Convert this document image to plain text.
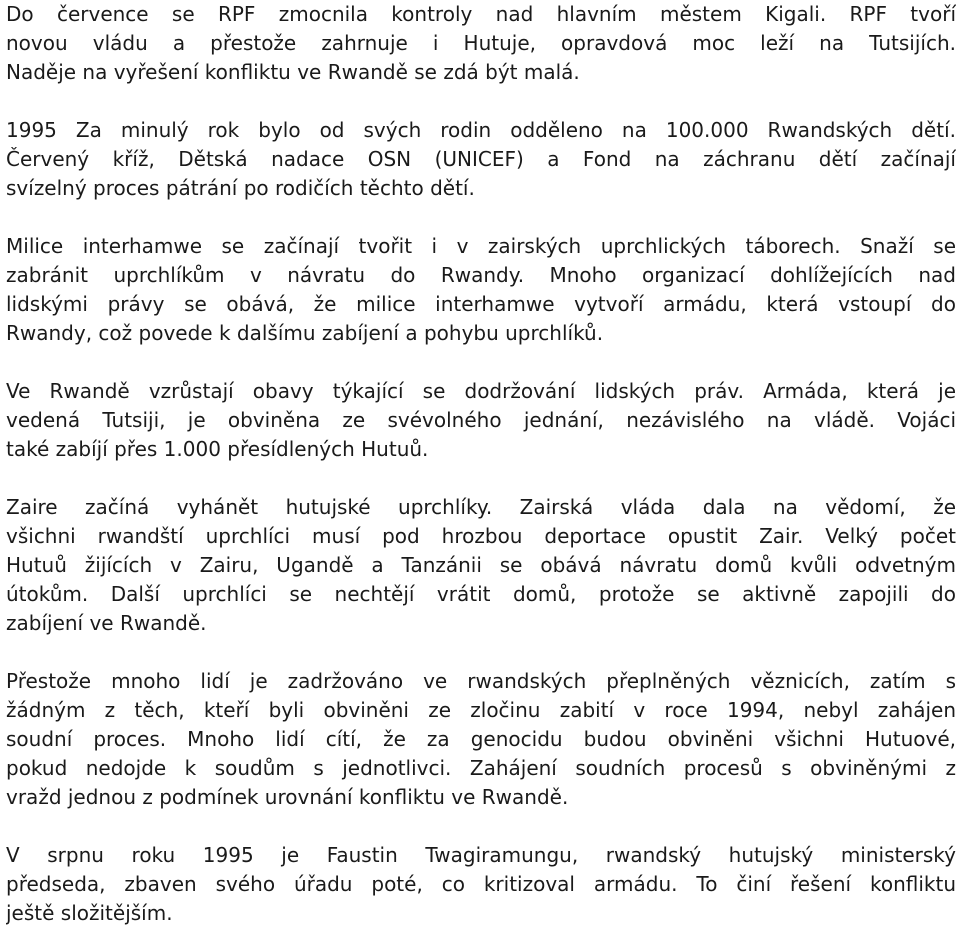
Do července se RPF zmocnila kontroly nad hlavním městem Kigali. RPF tvoří
novou vládu a přestože zahrnuje i Hutuje, opravdová moc leží na Tutsijích.
Naděje na vyřešení konfliktu ve Rwandě se zdá být malá.

1995 Za minulý rok bylo od svých rodin odděleno na 100.000 Rwandských dětí.
Červený kříž, Dětská nadace OSN (UNICEF) a Fond na záchranu dětí začínají
svízelný proces pátrání po rodičích těchto dětí.

Milice interhamwe se začínají tvořit i v zairských uprchlických táborech. Snaží se
zabránit uprchlíkům v návratu do Rwandy. Mnoho organizací dohlížejících nad
lidskými právy se obává, že milice interhamwe vytvoří armádu, která vstoupí do
Rwandy, což povede k dalšímu zabíjení a pohybu uprchlíků.

Ve Rwandě vzrůstají obavy týkající se dodržování lidských práv. Armáda, která je
vedená Tutsiji, je obviněna ze svévolného jednání, nezávislého na vládě. Vojáci
také zabíjí přes 1.000 přesídlených Hutuů.

Zaire začíná vyhánět hutujské uprchlíky. Zairská vláda dala na vědomí, že
všichni rwandští uprchlíci musí pod hrozbou deportace opustit Zair. Velký počet
Hutuů žijících v Zairu, Ugandě a Tanzánii se obává návratu domů kvůli odvetným
útokům. Další uprchlíci se nechtějí vrátit domů, protože se aktivně zapojili do
zabíjení ve Rwandě.

Přestože mnoho lidí je zadržováno ve rwandských přeplněných věznicích, zatím s
žádným z těch, kteří byli obviněni ze zločinu zabití v roce 1994, nebyl zahájen
soudní proces. Mnoho lidí cítí, že za genocidu budou obviněni všichni Hutuové,
pokud nedojde k soudům s jednotlivci. Zahájení soudních procesů s obviněnými z
vražd jednou z podmínek urovnání konfliktu ve Rwandě.

V srpnu roku 1995 je Faustin Twagiramungu, rwandský hutujský ministerský
předseda, zbaven svého úřadu poté, co kritizoval armádu. To činí řešení konfliktu
ještě složitějším.
